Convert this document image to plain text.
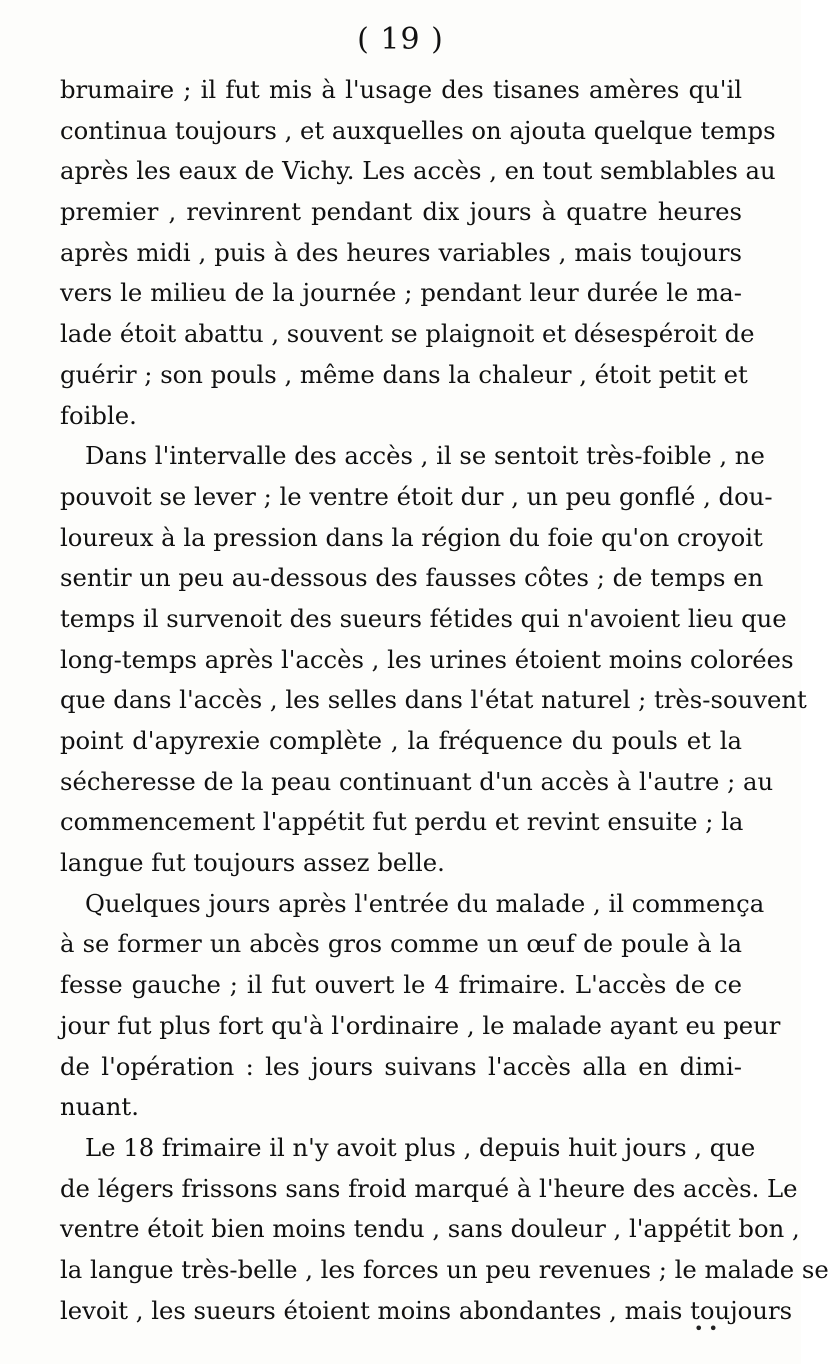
( 19 )
brumaire ; il fut mis à l'usage des tisanes amères qu'il
continua toujours , et auxquelles on ajouta quelque temps
après les eaux de Vichy. Les accès , en tout semblables au
premier , revinrent pendant dix jours à quatre heures
après midi , puis à des heures variables , mais toujours
vers le milieu de la journée ; pendant leur durée le ma-
lade étoit abattu , souvent se plaignoit et désespéroit de
guérir ; son pouls , même dans la chaleur , étoit petit et
foible.
Dans l'intervalle des accès , il se sentoit très-foible , ne
pouvoit se lever ; le ventre étoit dur , un peu gonflé , dou-
loureux à la pression dans la région du foie qu'on croyoit
sentir un peu au-dessous des fausses côtes ; de temps en
temps il survenoit des sueurs fétides qui n'avoient lieu que
long-temps après l'accès , les urines étoient moins colorées
que dans l'accès , les selles dans l'état naturel ; très-souvent
point d'apyrexie complète , la fréquence du pouls et la
sécheresse de la peau continuant d'un accès à l'autre ; au
commencement l'appétit fut perdu et revint ensuite ; la
langue fut toujours assez belle.
Quelques jours après l'entrée du malade , il commença
à se former un abcès gros comme un œuf de poule à la
fesse gauche ; il fut ouvert le 4 frimaire. L'accès de ce
jour fut plus fort qu'à l'ordinaire , le malade ayant eu peur
de l'opération : les jours suivans l'accès alla en dimi-
nuant.
Le 18 frimaire il n'y avoit plus , depuis huit jours , que
de légers frissons sans froid marqué à l'heure des accès. Le
ventre étoit bien moins tendu , sans douleur , l'appétit bon ,
la langue très-belle , les forces un peu revenues ; le malade se
levoit , les sueurs étoient moins abondantes , mais toujours
• •
